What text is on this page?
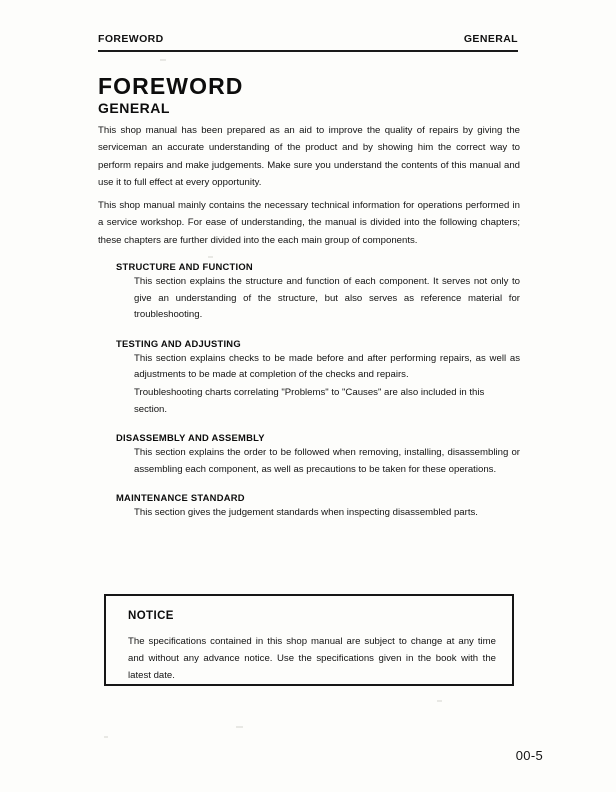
FOREWORD	GENERAL
FOREWORD
GENERAL

This shop manual has been prepared as an aid to improve the quality of repairs by giving the serviceman an accurate understanding of the product and by showing him the correct way to perform repairs and make judgements. Make sure you understand the contents of this manual and use it to full effect at every opportunity.

This shop manual mainly contains the necessary technical information for operations performed in a service workshop. For ease of understanding, the manual is divided into the following chapters; these chapters are further divided into the each main group of components.

STRUCTURE AND FUNCTION

This section explains the structure and function of each component. It serves not only to give an understanding of the structure, but also serves as reference material for troubleshooting.

TESTING AND ADJUSTING

This section explains checks to be made before and after performing repairs, as well as adjustments to be made at completion of the checks and repairs.

Troubleshooting charts correlating "Problems" to "Causes" are also included in this section.

DISASSEMBLY AND ASSEMBLY

This section explains the order to be followed when removing, installing, disassembling or assembling each component, as well as precautions to be taken for these operations.

MAINTENANCE STANDARD

This section gives the judgement standards when inspecting disassembled parts.

NOTICE

The specifications contained in this shop manual are subject to change at any time and without any advance notice. Use the specifications given in the book with the latest date.

00-5
